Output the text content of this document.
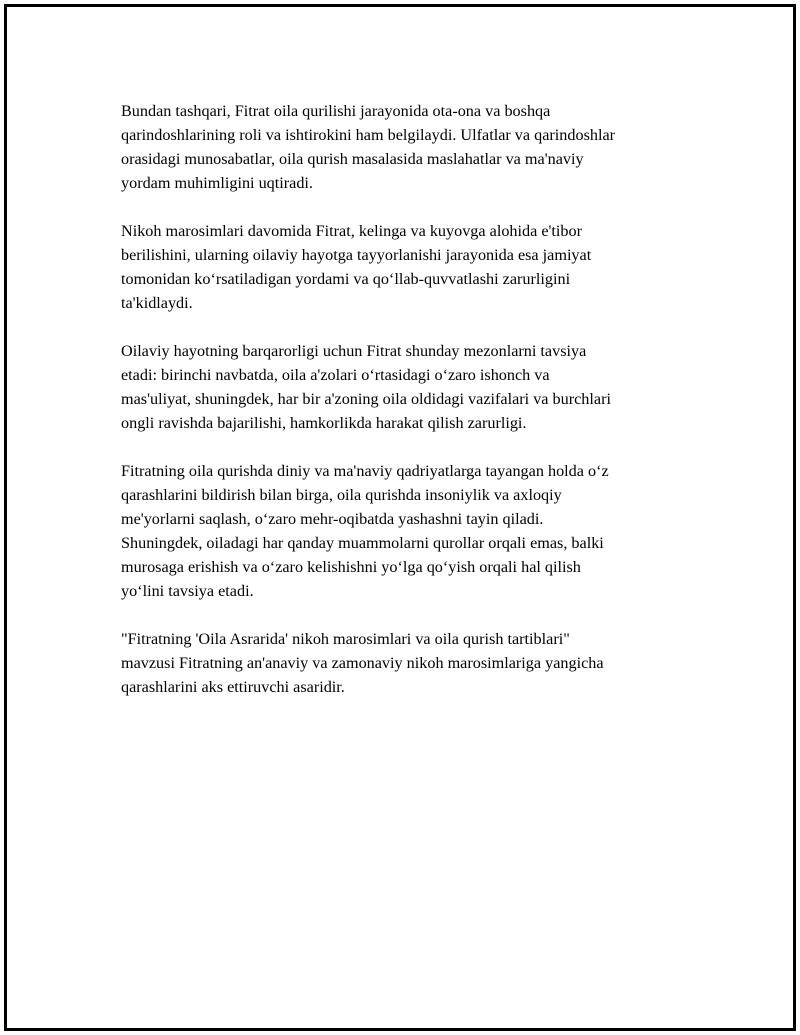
Bundan tashqari, Fitrat oila qurilishi jarayonida ota-ona va boshqa
qarindoshlarining roli va ishtirokini ham belgilaydi. Ulfatlar va qarindoshlar
orasidagi munosabatlar, oila qurish masalasida maslahatlar va ma'naviy
yordam muhimligini uqtiradi.

Nikoh marosimlari davomida Fitrat, kelinga va kuyovga alohida e'tibor
berilishini, ularning oilaviy hayotga tayyorlanishi jarayonida esa jamiyat
tomonidan koʻrsatiladigan yordami va qoʻllab-quvvatlashi zarurligini
ta'kidlaydi.

Oilaviy hayotning barqarorligi uchun Fitrat shunday mezonlarni tavsiya
etadi: birinchi navbatda, oila a'zolari oʻrtasidagi oʻzaro ishonch va
mas'uliyat, shuningdek, har bir a'zoning oila oldidagi vazifalari va burchlari
ongli ravishda bajarilishi, hamkorlikda harakat qilish zarurligi.

Fitratning oila qurishda diniy va ma'naviy qadriyatlarga tayangan holda oʻz
qarashlarini bildirish bilan birga, oila qurishda insoniylik va axloqiy
me'yorlarni saqlash, oʻzaro mehr-oqibatda yashashni tayin qiladi.
Shuningdek, oiladagi har qanday muammolarni qurollar orqali emas, balki
murosaga erishish va oʻzaro kelishishni yoʻlga qoʻyish orqali hal qilish
yoʻlini tavsiya etadi.

"Fitratning 'Oila Asrarida' nikoh marosimlari va oila qurish tartiblari"
mavzusi Fitratning an'anaviy va zamonaviy nikoh marosimlariga yangicha
qarashlarini aks ettiruvchi asaridir.
